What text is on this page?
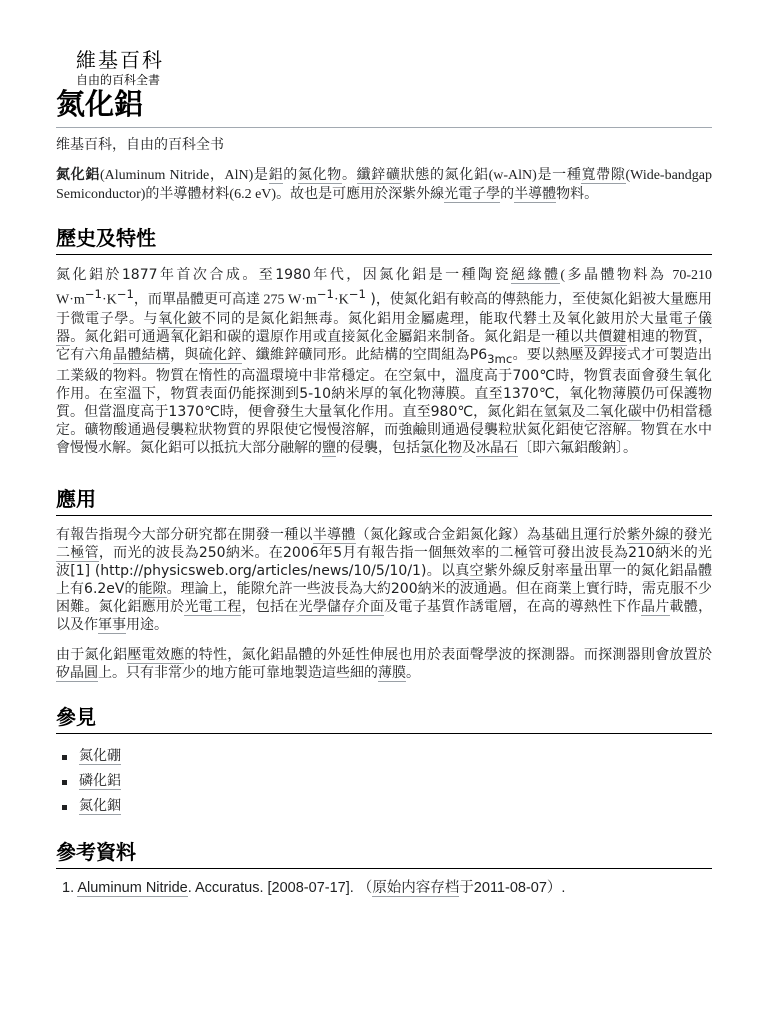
維基百科
自由的百科全書
氮化鋁
维基百科，自由的百科全书
氮化鋁(Aluminum Nitride，AlN)是鋁的氮化物。纖鋅礦狀態的氮化鋁(w-AlN)是一種寬帶隙(Wide-bandgap Semiconductor)的半導體材料(6.2 eV)。故也是可應用於深紫外線光電子學的半導體物料。
歷史及特性
氮化鋁於1877年首次合成。至1980年代，因氮化鋁是一種陶瓷絕緣體(多晶體物料為 70-210 $W\cdot m^{-1}\cdot K^{-1}$，而單晶體更可高達 275 $W\cdot m^{-1}\cdot K^{-1}$ )，使氮化鋁有較高的傳熱能力，至使氮化鋁被大量應用于微電子學。与氧化鈹不同的是氮化鋁無毒。氮化鋁用金屬處理，能取代礬土及氧化鈹用於大量電子儀器。氮化鋁可通過氧化鋁和碳的還原作用或直接氮化金屬鋁来制备。氮化鋁是一種以共價鍵相連的物質，它有六角晶體結構，與硫化鋅、纖維鋅礦同形。此結構的空間組為$P6_{3mc}$。要以熱壓及銲接式才可製造出工業級的物料。物質在惰性的高溫環境中非常穩定。在空氣中，溫度高于700℃時，物質表面會發生氧化作用。在室溫下，物質表面仍能探測到5-10納米厚的氧化物薄膜。直至1370℃，氧化物薄膜仍可保護物質。但當溫度高于1370℃時，便會發生大量氧化作用。直至980℃，氮化鋁在氫氣及二氧化碳中仍相當穩定。礦物酸通過侵襲粒狀物質的界限使它慢慢溶解，而強鹼則通過侵襲粒狀氮化鋁使它溶解。物質在水中會慢慢水解。氮化鋁可以抵抗大部分融解的鹽的侵襲，包括氯化物及冰晶石〔即六氟鋁酸鈉〕。
應用
有報告指現今大部分研究都在開發一種以半導體（氮化鎵或合金鋁氮化鎵）為基础且運行於紫外線的發光二極管，而光的波長為250納米。在2006年5月有報告指一個無效率的二極管可發出波長為210納米的光波[1] (http://physicsweb.org/articles/news/10/5/10/1)。以真空紫外線反射率量出單一的氮化鋁晶體上有6.2eV的能隙。理論上，能隙允許一些波長為大約200納米的波通過。但在商業上實行時，需克服不少困難。氮化鋁應用於光電工程，包括在光學儲存介面及電子基質作誘電層，在高的導熱性下作晶片載體，以及作軍事用途。
由于氮化鋁壓電效應的特性，氮化鋁晶體的外延性伸展也用於表面聲學波的探測器。而探測器則會放置於矽晶圓上。只有非常少的地方能可靠地製造這些細的薄膜。
參見
氮化硼
磷化鋁
氮化銦
參考資料
1. Aluminum Nitride. Accuratus. [2008-07-17]. （原始内容存档于2011-08-07）.
